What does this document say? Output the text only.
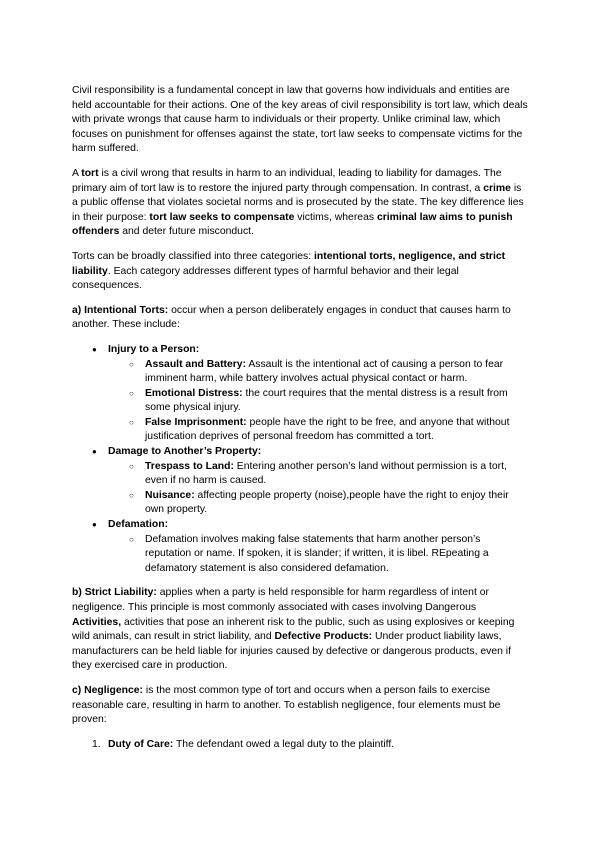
Civil responsibility is a fundamental concept in law that governs how individuals and entities are held accountable for their actions. One of the key areas of civil responsibility is tort law, which deals with private wrongs that cause harm to individuals or their property. Unlike criminal law, which focuses on punishment for offenses against the state, tort law seeks to compensate victims for the harm suffered.

A tort is a civil wrong that results in harm to an individual, leading to liability for damages. The primary aim of tort law is to restore the injured party through compensation. In contrast, a crime is a public offense that violates societal norms and is prosecuted by the state. The key difference lies in their purpose: tort law seeks to compensate victims, whereas criminal law aims to punish offenders and deter future misconduct.

Torts can be broadly classified into three categories: intentional torts, negligence, and strict liability. Each category addresses different types of harmful behavior and their legal consequences.

a) Intentional Torts: occur when a person deliberately engages in conduct that causes harm to another. These include:

● Injury to a Person:
○ Assault and Battery: Assault is the intentional act of causing a person to fear imminent harm, while battery involves actual physical contact or harm.
○ Emotional Distress: the court requires that the mental distress is a result from some physical injury.
○ False Imprisonment: people have the right to be free, and anyone that without justification deprives of personal freedom has committed a tort.
● Damage to Another’s Property:
○ Trespass to Land: Entering another person’s land without permission is a tort, even if no harm is caused.
○ Nuisance: affecting people property (noise),people have the right to enjoy their own property.
● Defamation:
○ Defamation involves making false statements that harm another person’s reputation or name. If spoken, it is slander; if written, it is libel. REpeating a defamatory statement is also considered defamation.

b) Strict Liability: applies when a party is held responsible for harm regardless of intent or negligence. This principle is most commonly associated with cases involving Dangerous Activities, activities that pose an inherent risk to the public, such as using explosives or keeping wild animals, can result in strict liability, and Defective Products: Under product liability laws, manufacturers can be held liable for injuries caused by defective or dangerous products, even if they exercised care in production.

c) Negligence: is the most common type of tort and occurs when a person fails to exercise reasonable care, resulting in harm to another. To establish negligence, four elements must be proven:

1. Duty of Care: The defendant owed a legal duty to the plaintiff.
